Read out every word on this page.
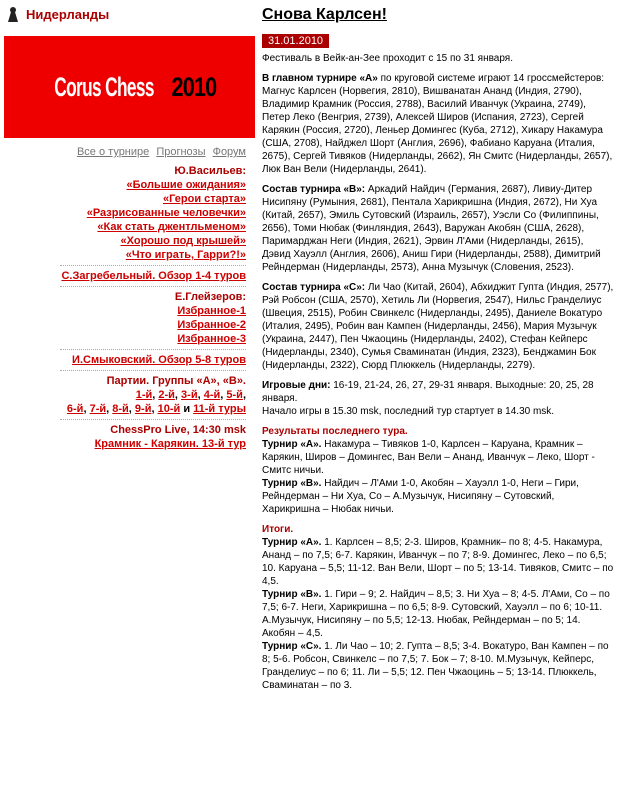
Нидерланды
Corus Chess 2010
Все о турнире Прогнозы Форум
Ю.Васильев:
«Большие ожидания»
«Герои старта»
«Разрисованные человечки»
«Как стать джентльменом»
«Хорошо под крышей»
«Что играть, Гарри?!»
С.Загребельный. Обзор 1-4 туров
Е.Глейзеров:
Избранное-1
Избранное-2
Избранное-3
И.Смыковский. Обзор 5-8 туров
Партии. Группы «А», «В».
1-й, 2-й, 3-й, 4-й, 5-й,
6-й, 7-й, 8-й, 9-й, 10-й и 11-й туры
ChessPro Live, 14:30 msk
Крамник - Карякин. 13-й тур
Снова Карлсен!
31.01.2010

Фестиваль в Вейк-ан-Зее проходит с 15 по 31 января.

В главном турнире «А» по круговой системе играют 14 гроссмейстеров: Магнус Карлсен (Норвегия, 2810), Вишванатан Ананд (Индия, 2790), Владимир Крамник (Россия, 2788), Василий Иванчук (Украина, 2749), Петер Леко (Венгрия, 2739), Алексей Широв (Испания, 2723), Сергей Карякин (Россия, 2720), Леньер Домингес (Куба, 2712), Хикару Накамура (США, 2708), Найджел Шорт (Англия, 2696), Фабиано Каруана (Италия, 2675), Сергей Тивяков (Нидерланды, 2662), Ян Смитс (Нидерланды, 2657), Люк Ван Вели (Нидерланды, 2641).

Состав турнира «В»: Аркадий Найдич (Германия, 2687), Ливиу-Дитер Нисипяну (Румыния, 2681), Пентала Харикришна (Индия, 2672), Ни Хуа (Китай, 2657), Эмиль Сутовский (Израиль, 2657), Уэсли Со (Филиппины, 2656), Томи Нюбак (Финляндия, 2643), Варужан Акобян (США, 2628), Паримарджан Неги (Индия, 2621), Эрвин Л'Ами (Нидерланды, 2615), Дэвид Хауэлл (Англия, 2606), Аниш Гири (Нидерланды, 2588), Димитрий Рейндерман (Нидерланды, 2573), Анна Музычук (Словения, 2523).

Состав турнира «С»: Ли Чао (Китай, 2604), Абхиджит Гупта (Индия, 2577), Рэй Робсон (США, 2570), Хетиль Ли (Норвегия, 2547), Нильс Гранделиус (Швеция, 2515), Робин Свинкелс (Нидерланды, 2495), Даниеле Вокатуро (Италия, 2495), Робин ван Кампен (Нидерланды, 2456), Мария Музычук (Украина, 2447), Пен Чжаоцинь (Нидерланды, 2402), Стефан Кейперс (Нидерланды, 2340), Сумья Сваминатан (Индия, 2323), Бенджамин Бок (Нидерланды, 2322), Сюрд Плюккель (Нидерланды, 2279).

Игровые дни: 16-19, 21-24, 26, 27, 29-31 января. Выходные: 20, 25, 28 января.
Начало игры в 15.30 msk, последний тур стартует в 14.30 msk.

Результаты последнего тура.
Турнир «А». Накамура – Тивяков 1-0, Карлсен – Каруана, Крамник – Карякин, Широв – Домингес, Ван Вели – Ананд, Иванчук – Леко, Шорт - Смитс ничьи.
Турнир «В». Найдич – Л'Ами 1-0, Акобян – Хауэлл 1-0, Неги – Гири, Рейндерман – Ни Хуа, Со – А.Музычук, Нисипяну – Сутовский, Харикришна – Нюбак ничьи.

Итоги.
Турнир «А». 1. Карлсен – 8,5; 2-3. Широв, Крамник– по 8; 4-5. Накамура, Ананд – по 7,5; 6-7. Карякин, Иванчук – по 7; 8-9. Домингес, Леко – по 6,5; 10. Каруана – 5,5; 11-12. Ван Вели, Шорт – по 5; 13-14. Тивяков, Смитс – по 4,5.
Турнир «В». 1. Гири – 9; 2. Найдич – 8,5; 3. Ни Хуа – 8; 4-5. Л'Ами, Со – по 7,5; 6-7. Неги, Харикришна – по 6,5; 8-9. Сутовский, Хауэлл – по 6; 10-11. А.Музычук, Нисипяну – по 5,5; 12-13. Нюбак, Рейндерман – по 5; 14. Акобян – 4,5.
Турнир «С». 1. Ли Чао – 10; 2. Гупта – 8,5; 3-4. Вокатуро, Ван Кампен – по 8; 5-6. Робсон, Свинкелс – по 7,5; 7. Бок – 7; 8-10. М.Музычук, Кейперс, Гранделиус – по 6; 11. Ли – 5,5; 12. Пен Чжаоцинь – 5; 13-14. Плюккель, Сваминатан – по 3.
